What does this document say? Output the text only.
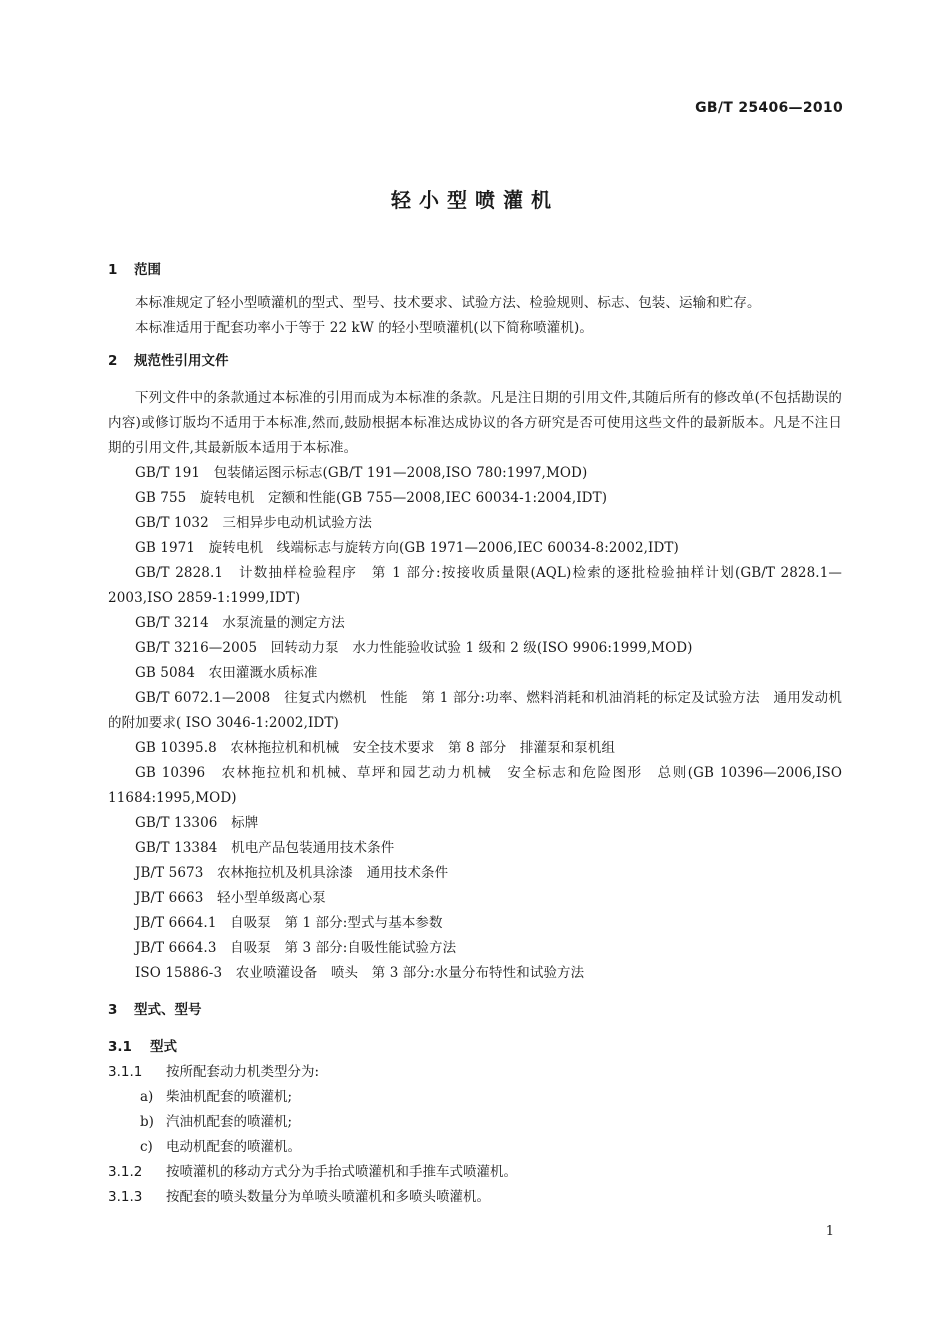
GB/T 25406—2010
轻小型喷灌机
1 范围

本标准规定了轻小型喷灌机的型式、型号、技术要求、试验方法、检验规则、标志、包装、运输和贮存。

本标准适用于配套功率小于等于 22 kW 的轻小型喷灌机(以下简称喷灌机)。

2 规范性引用文件

下列文件中的条款通过本标准的引用而成为本标准的条款。凡是注日期的引用文件,其随后所有的修改单(不包括勘误的内容)或修订版均不适用于本标准,然而,鼓励根据本标准达成协议的各方研究是否可使用这些文件的最新版本。凡是不注日期的引用文件,其最新版本适用于本标准。

GB/T 191　包装储运图示标志(GB/T 191—2008,ISO 780:1997,MOD)
GB 755　旋转电机　定额和性能(GB 755—2008,IEC 60034-1:2004,IDT)
GB/T 1032　三相异步电动机试验方法
GB 1971　旋转电机　线端标志与旋转方向(GB 1971—2006,IEC 60034-8:2002,IDT)
GB/T 2828.1　计数抽样检验程序　第 1 部分:按接收质量限(AQL)检索的逐批检验抽样计划(GB/T 2828.1—2003,ISO 2859-1:1999,IDT)
GB/T 3214　水泵流量的测定方法
GB/T 3216—2005　回转动力泵　水力性能验收试验 1 级和 2 级(ISO 9906:1999,MOD)
GB 5084　农田灌溉水质标准
GB/T 6072.1—2008　往复式内燃机　性能　第 1 部分:功率、燃料消耗和机油消耗的标定及试验方法　通用发动机的附加要求( ISO 3046-1:2002,IDT)
GB 10395.8　农林拖拉机和机械　安全技术要求　第 8 部分　排灌泵和泵机组
GB 10396　农林拖拉机和机械、草坪和园艺动力机械　安全标志和危险图形　总则(GB 10396—2006,ISO 11684:1995,MOD)
GB/T 13306　标牌
GB/T 13384　机电产品包装通用技术条件
JB/T 5673　农林拖拉机及机具涂漆　通用技术条件
JB/T 6663　轻小型单级离心泵
JB/T 6664.1　自吸泵　第 1 部分:型式与基本参数
JB/T 6664.3　自吸泵　第 3 部分:自吸性能试验方法
ISO 15886-3　农业喷灌设备　喷头　第 3 部分:水量分布特性和试验方法
3 型式、型号
3.1 型式
3.1.1 按所配套动力机类型分为:
a) 柴油机配套的喷灌机;
b) 汽油机配套的喷灌机;
c) 电动机配套的喷灌机。
3.1.2 按喷灌机的移动方式分为手抬式喷灌机和手推车式喷灌机。
3.1.3 按配套的喷头数量分为单喷头喷灌机和多喷头喷灌机。
1
